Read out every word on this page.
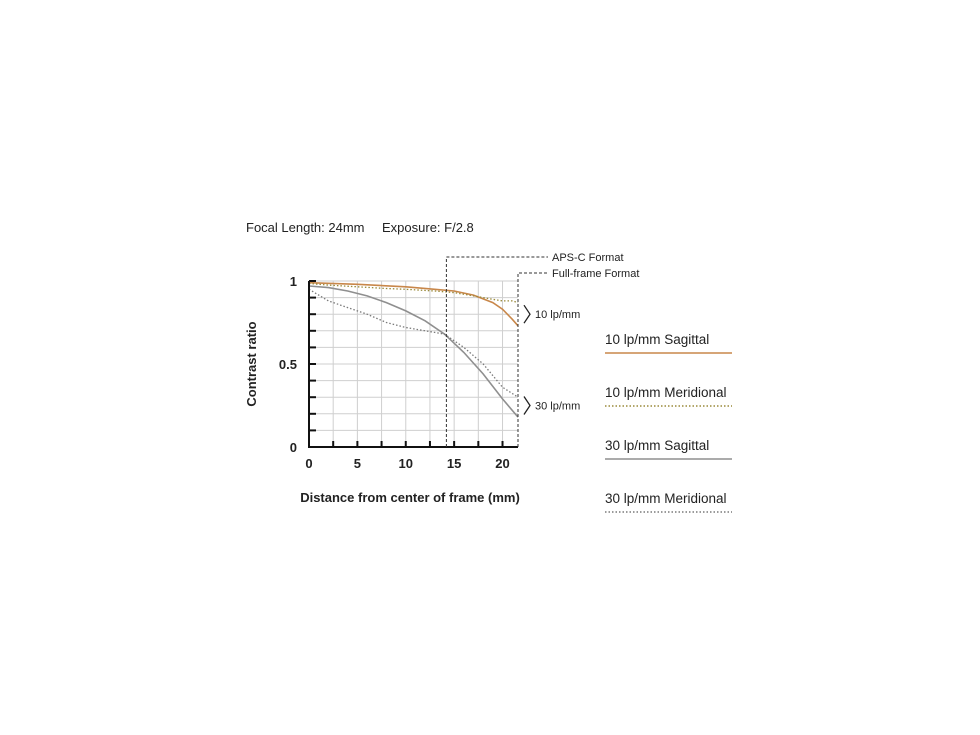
Focal Length: 24mm Exposure: F/2.8
0
0.5
1
0	5	10	15	20
APS-C Format
Full-frame Format
10 lp/mm
30 lp/mm
Distance from center of frame (mm)
Contrast ratio	10 lp/mm Sagittal
10 lp/mm Meridional
30 lp/mm Sagittal
30 lp/mm Meridional
